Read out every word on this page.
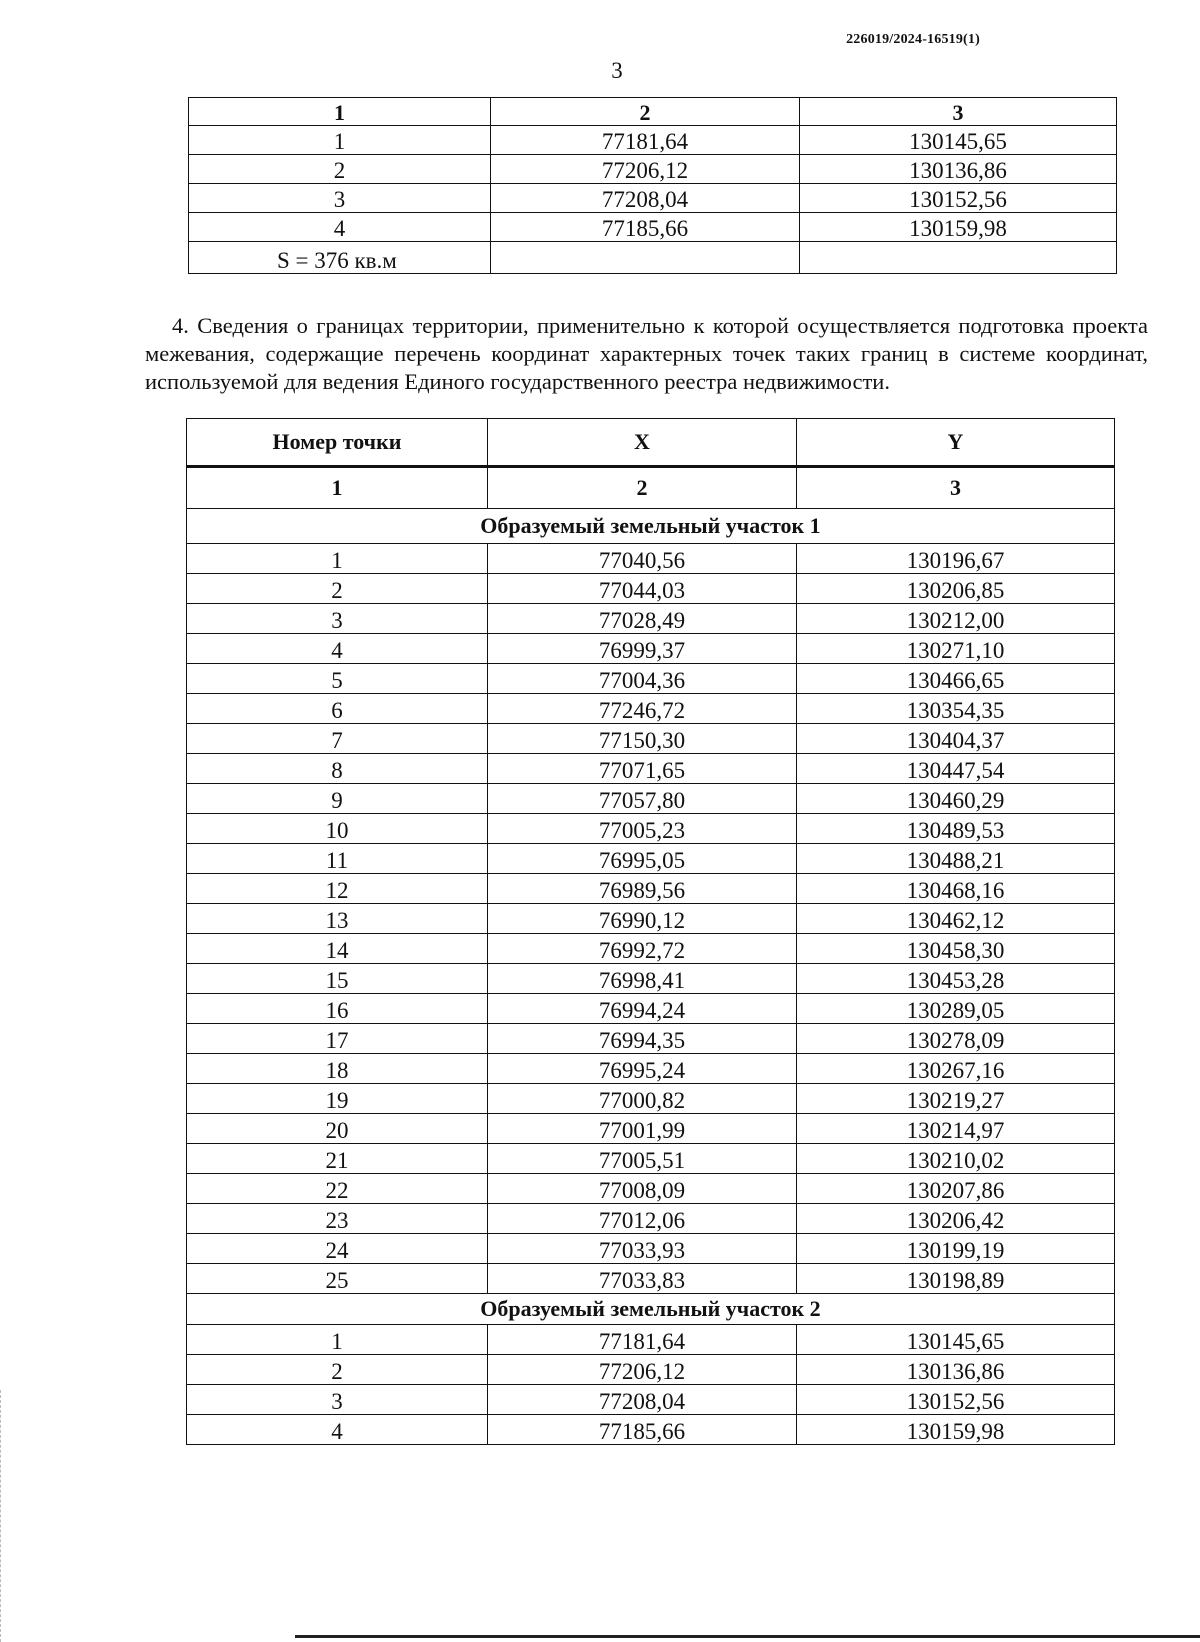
226019/2024-16519(1)
3
1	2	3
1	77181,64	130145,65
2	77206,12	130136,86
3	77208,04	130152,56
4	77185,66	130159,98
S = 376 кв.м		
4. Сведения о границах территории, применительно к которой осуществляется подготовка проекта межевания, содержащие перечень координат характерных точек таких границ в системе координат, используемой для ведения Единого государственного реестра недвижимости.
Номер точки	X	Y
1	2	3
Образуемый земельный участок 1		
1	77040,56	130196,67
2	77044,03	130206,85
3	77028,49	130212,00
4	76999,37	130271,10
5	77004,36	130466,65
6	77246,72	130354,35
7	77150,30	130404,37
8	77071,65	130447,54
9	77057,80	130460,29
10	77005,23	130489,53
11	76995,05	130488,21
12	76989,56	130468,16
13	76990,12	130462,12
14	76992,72	130458,30
15	76998,41	130453,28
16	76994,24	130289,05
17	76994,35	130278,09
18	76995,24	130267,16
19	77000,82	130219,27
20	77001,99	130214,97
21	77005,51	130210,02
22	77008,09	130207,86
23	77012,06	130206,42
24	77033,93	130199,19
25	77033,83	130198,89
Образуемый земельный участок 2		
1	77181,64	130145,65
2	77206,12	130136,86
3	77208,04	130152,56
4	77185,66	130159,98
